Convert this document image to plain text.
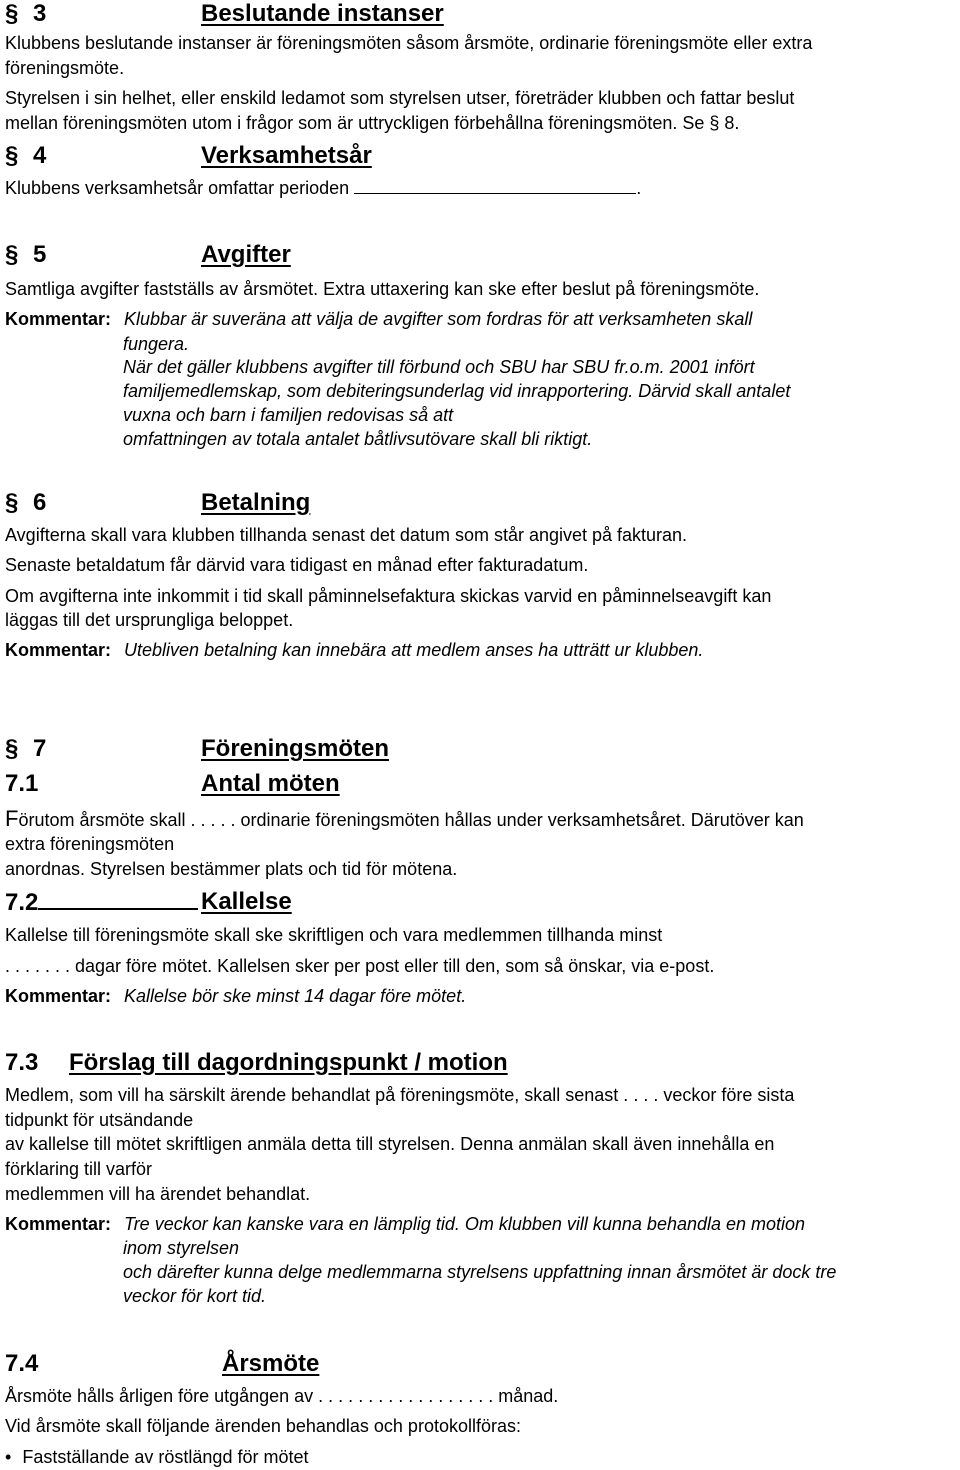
§ 3	Beslutande instanser
Klubbens beslutande instanser är föreningsmöten såsom årsmöte, ordinarie föreningsmöte eller extra
föreningsmöte.
Styrelsen i sin helhet, eller enskild ledamot som styrelsen utser, företräder klubben och fattar beslut
mellan föreningsmöten utom i frågor som är uttryckligen förbehållna föreningsmöten. Se § 8.
§ 4	Verksamhetsår
Klubbens verksamhetsår omfattar perioden	.
§ 5	Avgifter
Samtliga avgifter fastställs av årsmötet. Extra uttaxering kan ske efter beslut på föreningsmöte.
Kommentar: Klubbar är suveräna att välja de avgifter som fordras för att verksamheten skall
fungera.
När det gäller klubbens avgifter till förbund och SBU har SBU fr.o.m. 2001 infört
familjemedlemskap, som debiteringsunderlag vid inrapportering. Därvid skall antalet
vuxna och barn i familjen redovisas så att
omfattningen av totala antalet båtlivsutövare skall bli riktigt.
§ 6	Betalning
Avgifterna skall vara klubben tillhanda senast det datum som står angivet på fakturan.
Senaste betaldatum får därvid vara tidigast en månad efter fakturadatum.
Om avgifterna inte inkommit i tid skall påminnelsefaktura skickas varvid en påminnelseavgift kan
läggas till det ursprungliga beloppet.
Kommentar: Utebliven betalning kan innebära att medlem anses ha utträtt ur klubben.
§ 7	Föreningsmöten
7.1	Antal möten
Förutom årsmöte skall . . . . . ordinarie föreningsmöten hållas under verksamhetsåret. Därutöver kan
extra föreningsmöten
anordnas. Styrelsen bestämmer plats och tid för mötena.
7.2	Kallelse
Kallelse till föreningsmöte skall ske skriftligen och vara medlemmen tillhanda minst
. . . . . . . dagar före mötet. Kallelsen sker per post eller till den, som så önskar, via e-post.
Kommentar: Kallelse bör ske minst 14 dagar före mötet.
7.3 Förslag till dagordningspunkt / motion
Medlem, som vill ha särskilt ärende behandlat på föreningsmöte, skall senast . . . . veckor före sista
tidpunkt för utsändande
av kallelse till mötet skriftligen anmäla detta till styrelsen. Denna anmälan skall även innehålla en
förklaring till varför
medlemmen vill ha ärendet behandlat.
Kommentar: Tre veckor kan kanske vara en lämplig tid. Om klubben vill kunna behandla en motion
inom styrelsen
och därefter kunna delge medlemmarna styrelsens uppfattning innan årsmötet är dock tre
veckor för kort tid.
7.4	Årsmöte
Årsmöte hålls årligen före utgången av . . . . . . . . . . . . . . . . . . månad.
Vid årsmöte skall följande ärenden behandlas och protokollföras:
• Fastställande av röstlängd för mötet
